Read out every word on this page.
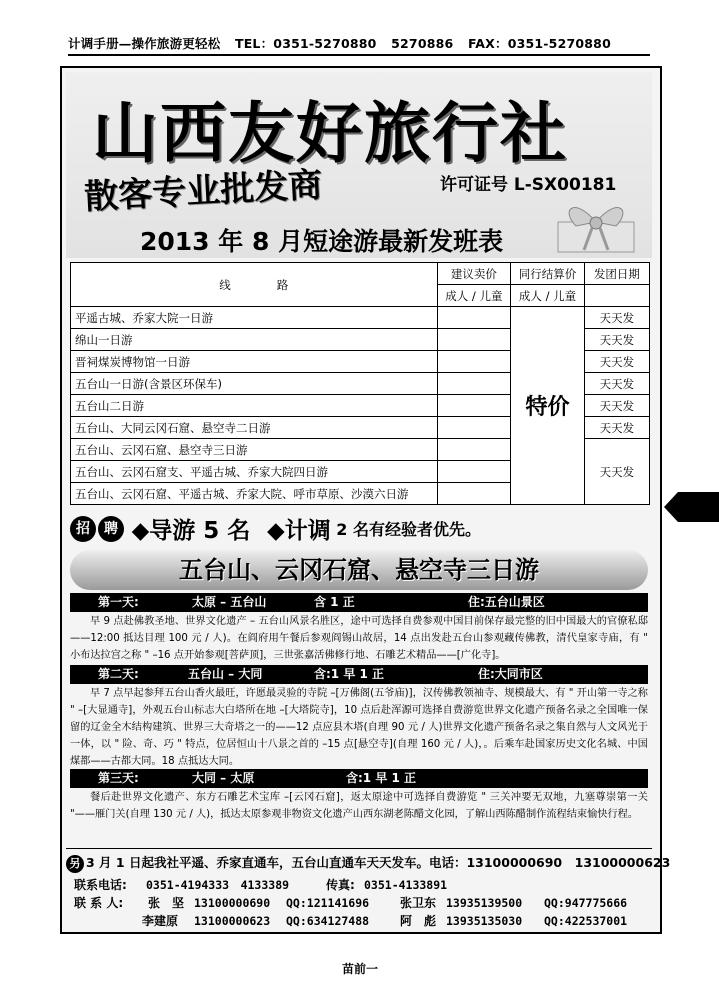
计调手册—操作旅游更轻松 TEL：0351-5270880 5270886 FAX：0351-5270880
山西友好旅行社
散客专业批发商	许可证号 L-SX00181
2013 年 8 月短途游最新发班表
线　　　　路	建议卖价	同行结算价	发团日期
	成人 / 儿童	成人 / 儿童	
平遥古城、乔家大院一日游		特价	天天发
绵山一日游			天天发
晋祠煤炭博物馆一日游			天天发
五台山一日游(含景区环保车)			天天发
五台山二日游			天天发
五台山、大同云冈石窟、悬空寺二日游			天天发
五台山、云冈石窟、悬空寺三日游			天天发
五台山、云冈石窟支、平遥古城、乔家大院四日游			
五台山、云冈石窟、平遥古城、乔家大院、呼市草原、沙漠六日游			
招 聘 ◆导游 5 名 ◆计调 2 名有经验者优先。
五台山、云冈石窟、悬空寺三日游
第一天:	太原 – 五台山	含 1 正	住:五台山景区
早 9 点赴佛教圣地、世界文化遗产 – 五台山风景名胜区，途中可选择自费参观中国目前保存最完整的旧中国最大的官僚私邸——12:00 抵达目理 100 元 / 人)。在阎府用午餐后参观阎锡山故居，14 点出发赴五台山参观藏传佛教，清代皇家寺庙，有 " 小布达拉宫之称 " –16 点开始参观[菩萨顶]，三世张嘉活佛修行地、石雕艺术精品——[广化寺]。
第二天:	五台山 – 大同	含:1 早 1 正	住:大同市区
早 7 点早起参拜五台山香火最旺，许愿最灵验的寺院 –[万佛阁(五爷庙)]，汉传佛教领袖寺、规模最大、有 " 开山第一寺之称 " –[大显通寺]，外观五台山标志大白塔所在地 –[大塔院寺]，10 点后赴浑源可选择自费游览世界文化遗产预备名录之全国唯一保留的辽金全木结构建筑、世界三大奇塔之一的——12 点应县木塔(自理 90 元 / 人)世界文化遗产预备名录之集自然与人文风光于一体，以 " 险、奇、巧 " 特点，位居恒山十八景之首的 –15 点[悬空寺](自理 160 元 / 人)，。后乘车赴国家历史文化名城、中国煤都——古都大同。18 点抵达大同。
第三天:	大同 – 太原	含:1 早 1 正
餐后赴世界文化遗产、东方石雕艺术宝库 –[云冈石窟]，返太原途中可选择自费游览 " 三关冲要无双地，九塞尊崇第一关 "——雁门关(自理 130 元 / 人)，抵达太原参观非物资文化遗产山西东湖老陈醋文化园，了解山西陈醋制作流程结束愉快行程。
另 3 月 1 日起我社平遥、乔家直通车，五台山直通车天天发车。电话：13100000690　13100000623
联系电话: 0351-4194333　4133389	传真: 0351-4133891
联 系 人: 张　坚 13100000690 QQ:121141696	张卫东 13935139500 QQ:947775666
李建原 13100000623 QQ:634127488	阿　彪 13935135030 QQ:422537001
苗前一
